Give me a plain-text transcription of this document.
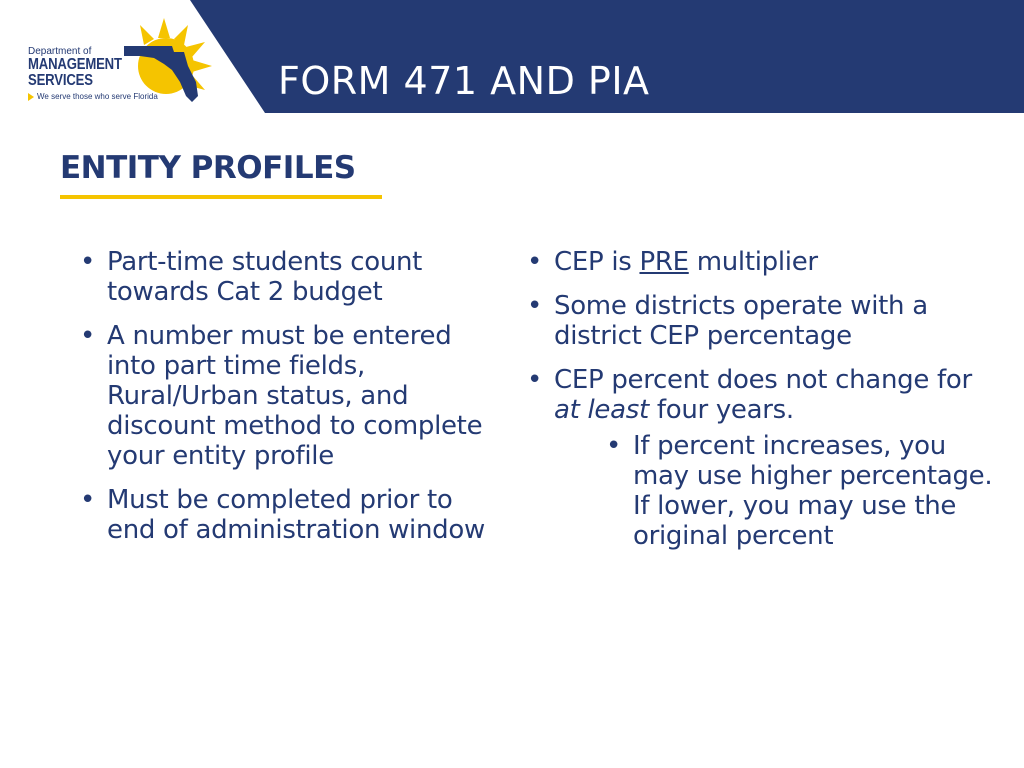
Department of
MANAGEMENT
SERVICES
We serve those who serve Florida	FORM 471 AND PIA
ENTITY PROFILES
• Part-time students count towards Cat 2 budget
• A number must be entered into part time fields, Rural/Urban status, and discount method to complete your entity profile
• Must be completed prior to end of administration window
• CEP is PRE multiplier
• Some districts operate with a district CEP percentage
• CEP percent does not change for at least four years.
• If percent increases, you may use higher percentage. If lower, you may use the original percent
